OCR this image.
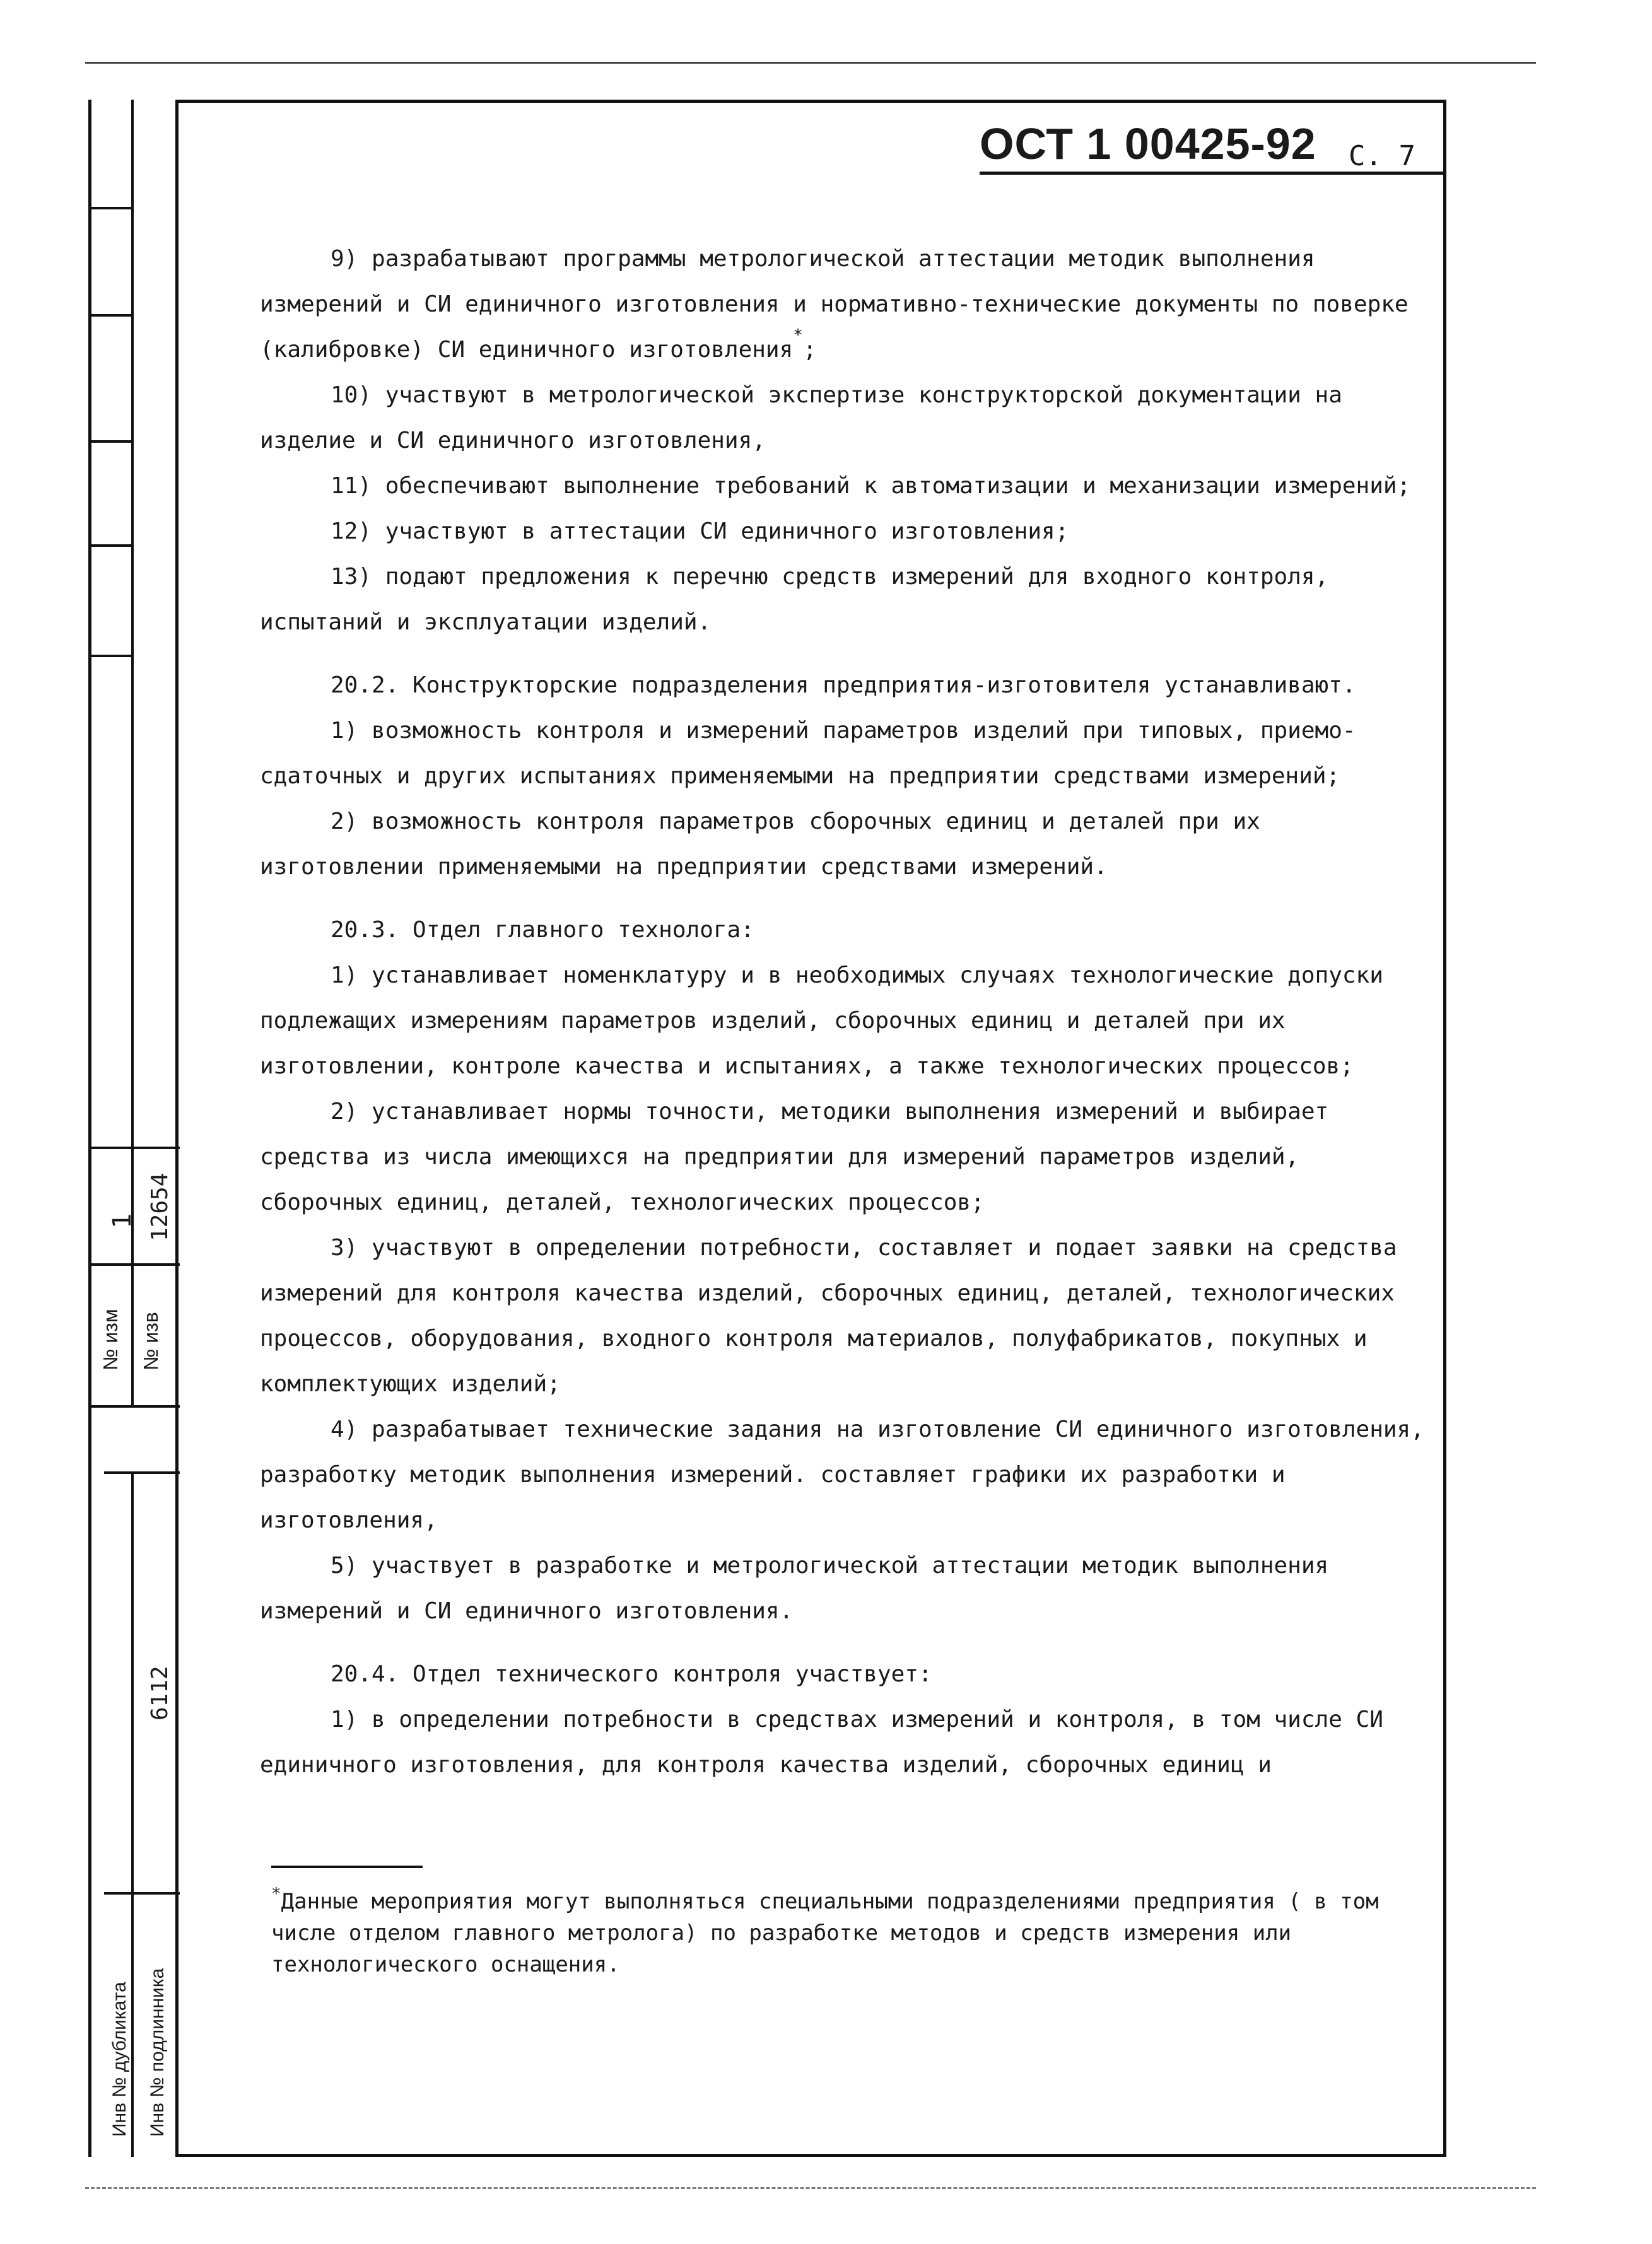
№ изм № изв
1 12654
6112
Инв № дубликата Инв № подлинника
ОСТ 1 00425-92 С. 7

9) разрабатывают программы метрологической аттестации методик выполнения измерений и СИ единичного изготовления и нормативно-технические документы по поверке (калибровке) СИ единичного изготовления*;

10) участвуют в метрологической экспертизе конструкторской документации на изделие и СИ единичного изготовления,

11) обеспечивают выполнение требований к автоматизации и механизации измерений;

12) участвуют в аттестации СИ единичного изготовления;

13) подают предложения к перечню средств измерений для входного контроля, испытаний и эксплуатации изделий.

20.2. Конструкторские подразделения предприятия-изготовителя устанавливают.

1) возможность контроля и измерений параметров изделий при типовых, приемо-сдаточных и других испытаниях применяемыми на предприятии средствами измерений;

2) возможность контроля параметров сборочных единиц и деталей при их изготовлении применяемыми на предприятии средствами измерений.

20.3. Отдел главного технолога:

1) устанавливает номенклатуру и в необходимых случаях технологические допуски подлежащих измерениям параметров изделий, сборочных единиц и деталей при их изготовлении, контроле качества и испытаниях, а также технологических процессов;

2) устанавливает нормы точности, методики выполнения измерений и выбирает средства из числа имеющихся на предприятии для измерений параметров изделий, сборочных единиц, деталей, технологических процессов;

3) участвуют в определении потребности, составляет и подает заявки на средства измерений для контроля качества изделий, сборочных единиц, деталей, технологических процессов, оборудования, входного контроля материалов, полуфабрикатов, покупных и комплектующих изделий;

4) разрабатывает технические задания на изготовление СИ единичного изготовления, разработку методик выполнения измерений. составляет графики их разработки и изготовления,

5) участвует в разработке и метрологической аттестации методик выполнения измерений и СИ единичного изготовления.

20.4. Отдел технического контроля участвует:

1) в определении потребности в средствах измерений и контроля, в том числе СИ единичного изготовления, для контроля качества изделий, сборочных единиц и

*Данные мероприятия могут выполняться специальными подразделениями предприятия ( в том числе отделом главного метролога) по разработке методов и средств измерения или технологического оснащения.
